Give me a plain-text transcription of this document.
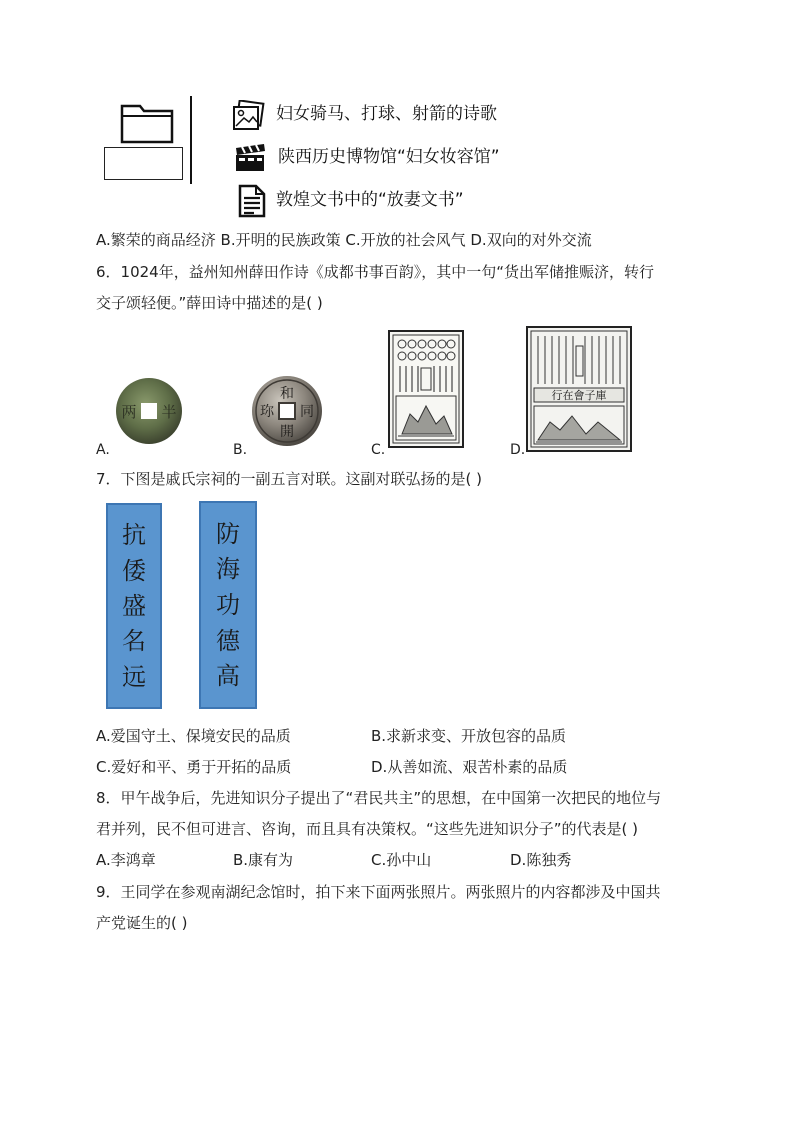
妇女骑马、打球、射箭的诗歌
陕西历史博物馆“妇女妆容馆”
敦煌文书中的“放妻文书”
A.繁荣的商品经济 B.开明的民族政策 C.开放的社会风气 D.双向的对外交流
6．1024年，益州知州薛田作诗《成都书事百韵》，其中一句“货出军储推赈济，转行
交子颂轻便。”薛田诗中描述的是( )
A.
半
两
B.
和
同
開
珎
C.	D.
行在會子庫
7．下图是戚氏宗祠的一副五言对联。这副对联弘扬的是( )
抗
倭
盛
名
远
防
海
功
德
高
A.爱国守土、保境安民的品质	B.求新求变、开放包容的品质
C.爱好和平、勇于开拓的品质	D.从善如流、艰苦朴素的品质
8．甲午战争后，先进知识分子提出了“君民共主”的思想，在中国第一次把民的地位与
君并列，民不但可进言、咨询，而且具有决策权。“这些先进知识分子”的代表是( )
A.李鸿章	B.康有为	C.孙中山	D.陈独秀
9．王同学在参观南湖纪念馆时，拍下来下面两张照片。两张照片的内容都涉及中国共
产党诞生的( )
